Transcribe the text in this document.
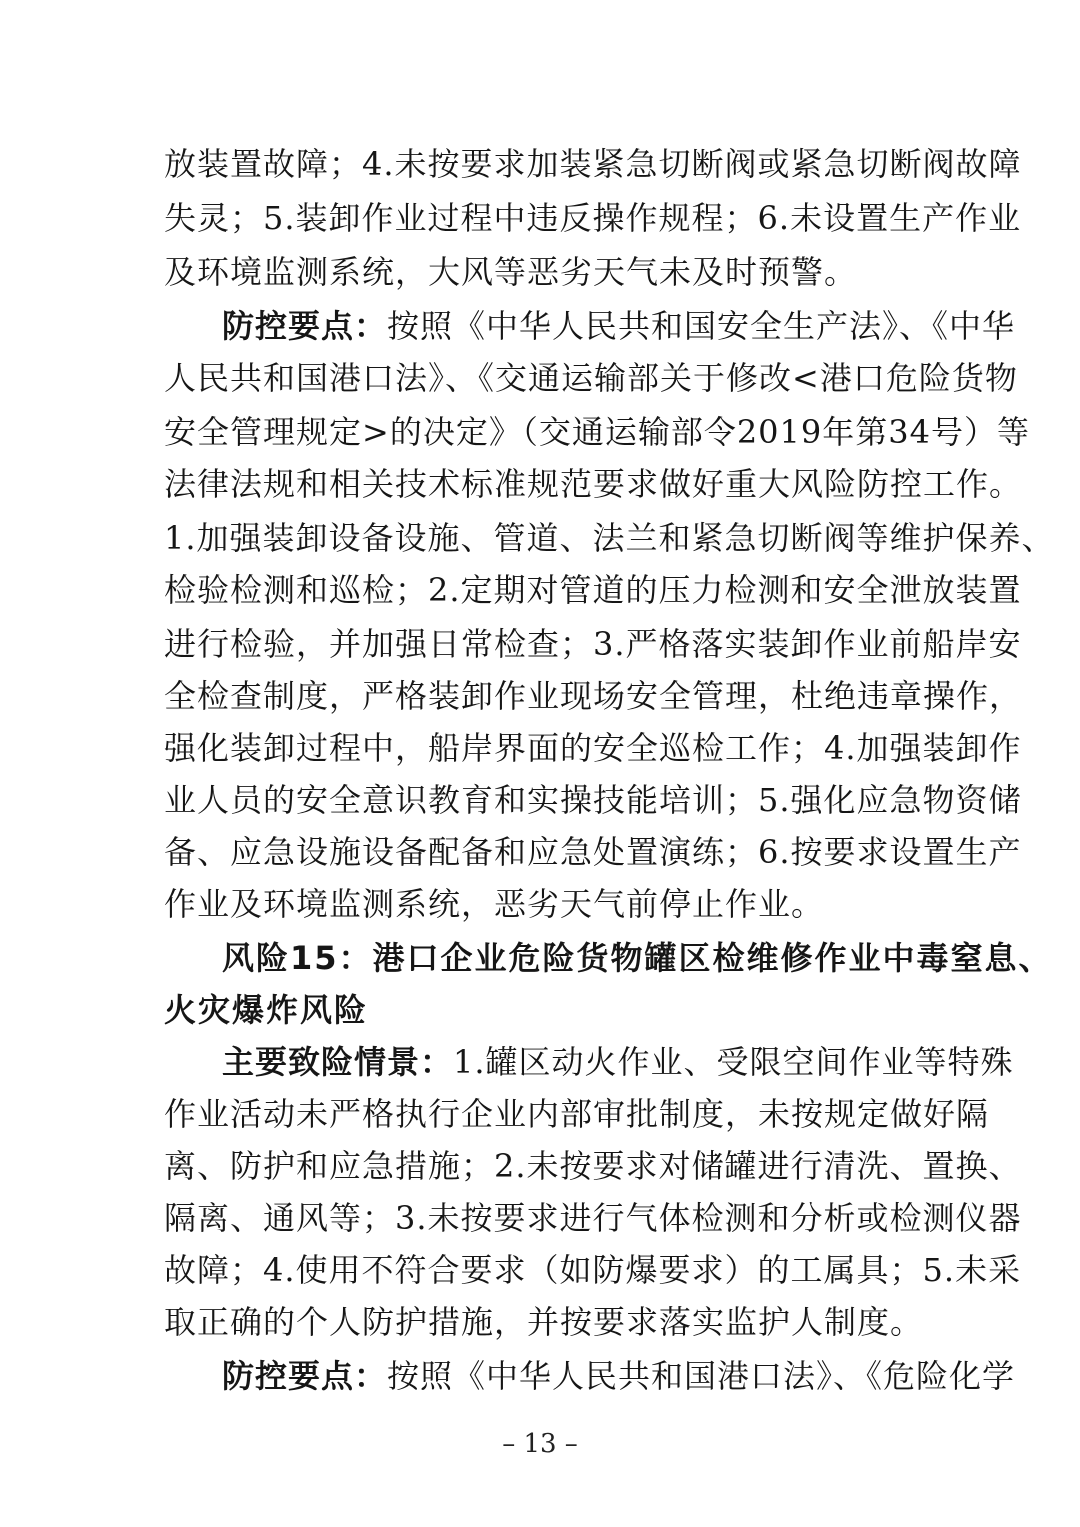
放装置故障；4.未按要求加装紧急切断阀或紧急切断阀故障
失灵；5.装卸作业过程中违反操作规程；6.未设置生产作业
及环境监测系统，大风等恶劣天气未及时预警。
防控要点：按照《中华人民共和国安全生产法》、《中华
人民共和国港口法》、《交通运输部关于修改<港口危险货物
安全管理规定>的决定》（交通运输部令2019年第34号）等
法律法规和相关技术标准规范要求做好重大风险防控工作。
1.加强装卸设备设施、管道、法兰和紧急切断阀等维护保养、
检验检测和巡检；2.定期对管道的压力检测和安全泄放装置
进行检验，并加强日常检查；3.严格落实装卸作业前船岸安
全检查制度，严格装卸作业现场安全管理，杜绝违章操作，
强化装卸过程中，船岸界面的安全巡检工作；4.加强装卸作
业人员的安全意识教育和实操技能培训；5.强化应急物资储
备、应急设施设备配备和应急处置演练；6.按要求设置生产
作业及环境监测系统，恶劣天气前停止作业。
风险15：港口企业危险货物罐区检维修作业中毒窒息、
火灾爆炸风险
主要致险情景：1.罐区动火作业、受限空间作业等特殊
作业活动未严格执行企业内部审批制度，未按规定做好隔
离、防护和应急措施；2.未按要求对储罐进行清洗、置换、
隔离、通风等；3.未按要求进行气体检测和分析或检测仪器
故障；4.使用不符合要求（如防爆要求）的工属具；5.未采
取正确的个人防护措施，并按要求落实监护人制度。
防控要点：按照《中华人民共和国港口法》、《危险化学
– 13 –
